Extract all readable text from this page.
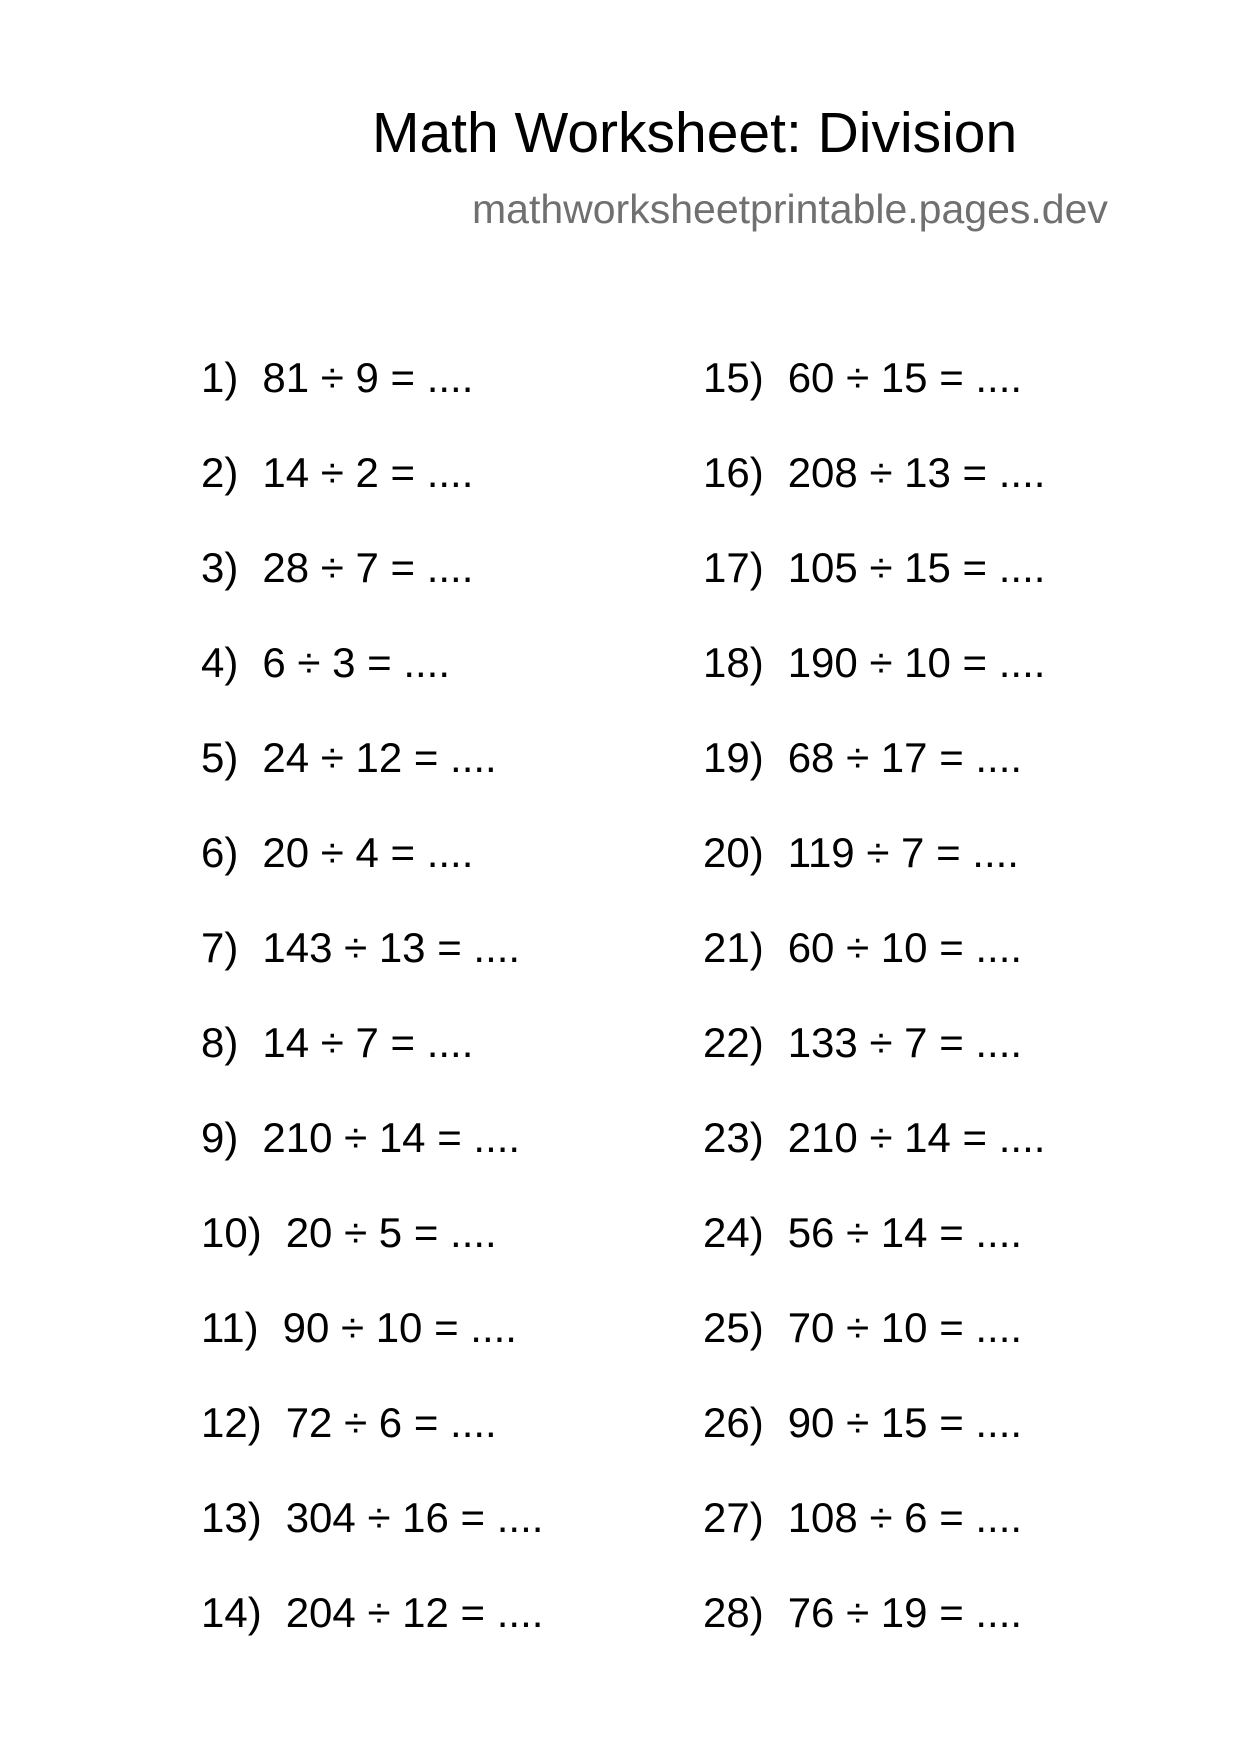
Math Worksheet: Division
mathworksheetprintable.pages.dev
1) 81 ÷ 9 = ....
2) 14 ÷ 2 = ....
3) 28 ÷ 7 = ....
4) 6 ÷ 3 = ....
5) 24 ÷ 12 = ....
6) 20 ÷ 4 = ....
7) 143 ÷ 13 = ....
8) 14 ÷ 7 = ....
9) 210 ÷ 14 = ....
10) 20 ÷ 5 = ....
11) 90 ÷ 10 = ....
12) 72 ÷ 6 = ....
13) 304 ÷ 16 = ....
14) 204 ÷ 12 = ....
15) 60 ÷ 15 = ....
16) 208 ÷ 13 = ....
17) 105 ÷ 15 = ....
18) 190 ÷ 10 = ....
19) 68 ÷ 17 = ....
20) 119 ÷ 7 = ....
21) 60 ÷ 10 = ....
22) 133 ÷ 7 = ....
23) 210 ÷ 14 = ....
24) 56 ÷ 14 = ....
25) 70 ÷ 10 = ....
26) 90 ÷ 15 = ....
27) 108 ÷ 6 = ....
28) 76 ÷ 19 = ....
